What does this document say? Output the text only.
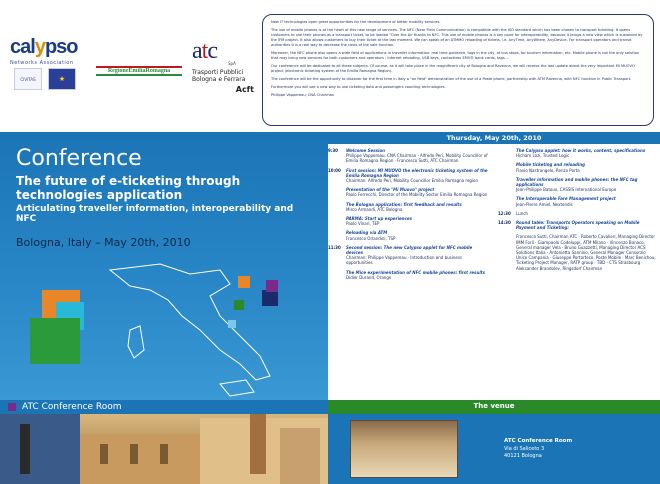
calypso
Networks Association
CIVITAS	★
RegioneEmiliaRomagna
atc	SpA
Trasporti Pubblici
Bologna e Ferrara
Acft

New IT technologies open great opportunities for the development of better mobility services.

The use of mobile phones is at the heart of this new range of services. The NFC (Near Field Communication) is compatible with the ISO standard which has been chosen to transport ticketing. It opens customers to use their phones as a transport ticket, to be loaded "Over the Air thanks to NFC. This use of mobile phones is a key point for interoperability, because it brings a new view which is sustained by the IFM project. It also allows customers to buy their ticket at the last moment. We can speak of an ATMMO reloading of tickets, i.e. AnyTime, AnyWhere, AnyDevice. For transport operators and transit authorities it is a real way to decrease the costs of the sale function.

Moreover, the NFC phone also opens a wide field of applications in traveller information: real time guidance, tags in the city, at bus stops, for tourism information, etc. Mobile phone is not the only solution that may bring new services for both customers and operators : Internet reloading, USB keys, contactless EMV® bank cards, tags ...

Our conference will be dedicated to all these subjects. Of course, as it will take place in the magnificent city of Bologna and Ravenna, we will receive the last update about the very important MI MUOVO project (electronic ticketing system of the Emilia Romagna Region).

The conference will be the opportunity to discover for the first time in Italy a "on field" demonstration of the use of a Poste phone, partnership with ATM Ravenna, with NFC function in Public Transport.

Furthermore you will see a new way to use ticketing data and passengers counting technologies.

Philippe Vappereau, CNA Chairman

Conference
The future of e-ticketing through technologies application
Articulating traveller information, interoperability and NFC
Bologna, Italy – May 20th, 2010
Thursday, May 20th, 2010
9:30	Welcome Session
Philippe Vappereau, CNA Chairman · Alfredo Peri, Mobility Councillor of Emilia Romagna Region · Francesco Sutti, ATC Chairman
10:00	First session: MI MUOVO the electronic ticketing system of the Emilia Romagna Region
Chairman: Alfredo Peri, Mobility Councillor Emilia Romagna region
Presentation of the "Mi Muovo" project
Paolo Ferrecchi, Director of the Mobility Sector Emilia Romagna Region
The Bologna application: first feedback and results
Mirco Armandi, ATC Bologna
PARMA: Start up experiences
Paolo Vinari, TEP
Reloading via ATM
Francesco Orlandini, TSP
11:30	Second session: The new Calypso applet for NFC mobile devices
Chairman: Philippe Vappereau · Introduction and business opportunities
The Mice experimentation of NFC mobile phones: first results
Didier Durand, Orange
The Calypso applet: how it works, content, specifications
Hicham Lozi, Trusted Logic
Mobile ticketing and reloading
Flavio Nastrangelo, Renzo Porta
Traveller information and mobile phones: the NFC tag applications
Jean-Philippe Batoux, CASSIS International Europe
The Interoperable Fare Management project
Jean-Pierre Amiel, Nextendis
12:30	Lunch
14:30	Round table: Transports Operators speaking on Mobile Payment and Ticketing:
Francesco Sutti, Chairman ATC · Roberto Cavalieri, Managing Director IMM Forli · Giampaolo Codeluppi, ATM Milano · Vincenzo Bonaco, General manager Vela · Bruno Guazzetti, Managing Director ACS Solutions Italia · Antonietta Sannino, General Manager Consorzio Unico Campania · Giuseppe Portorteco, Poste Mobile · Marc Benichou, Ticketing Project Manager, RATP group · TBD - CTS Strasbourg · Aleksander Brandolev, Ringsdorf Chairman
ATC Conference Room	The venue
ATC Conference Room
Via di Saliceto 3
40121 Bologna
